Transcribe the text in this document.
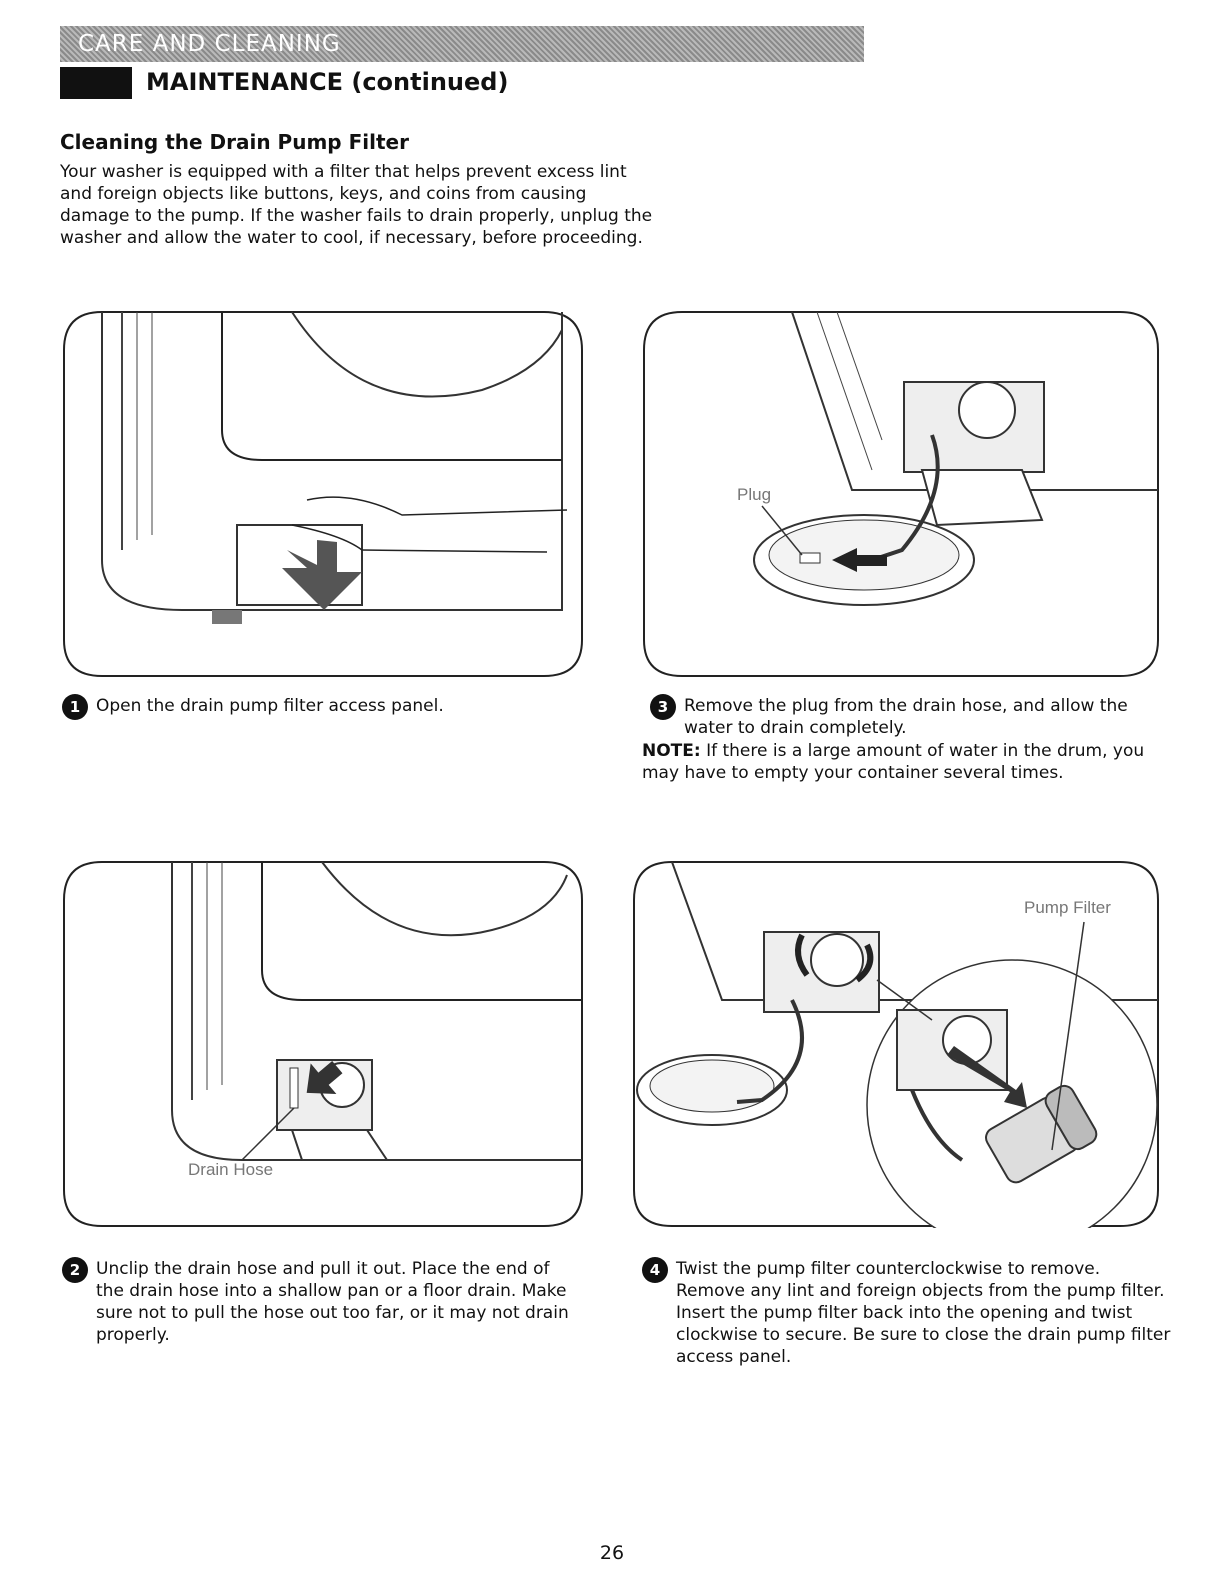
CARE AND CLEANING
MAINTENANCE (continued)
Cleaning the Drain Pump Filter

Your washer is equipped with a filter that helps prevent excess lint and foreign objects like buttons, keys, and coins from causing damage to the pump. If the washer fails to drain properly, unplug the washer and allow the water to cool, if necessary, before proceeding.

Plug
1 Open the drain pump filter access panel.	3 Remove the plug from the drain hose, and allow the water to drain completely.
NOTE: If there is a large amount of water in the drum, you may have to empty your container several times.
Drain Hose
Pump Filter
2 Unclip the drain hose and pull it out. Place the end of the drain hose into a shallow pan or a floor drain. Make sure not to pull the hose out too far, or it may not drain properly.
4 Twist the pump filter counterclockwise to remove. Remove any lint and foreign objects from the pump filter. Insert the pump filter back into the opening and twist clockwise to secure. Be sure to close the drain pump filter access panel.
26
